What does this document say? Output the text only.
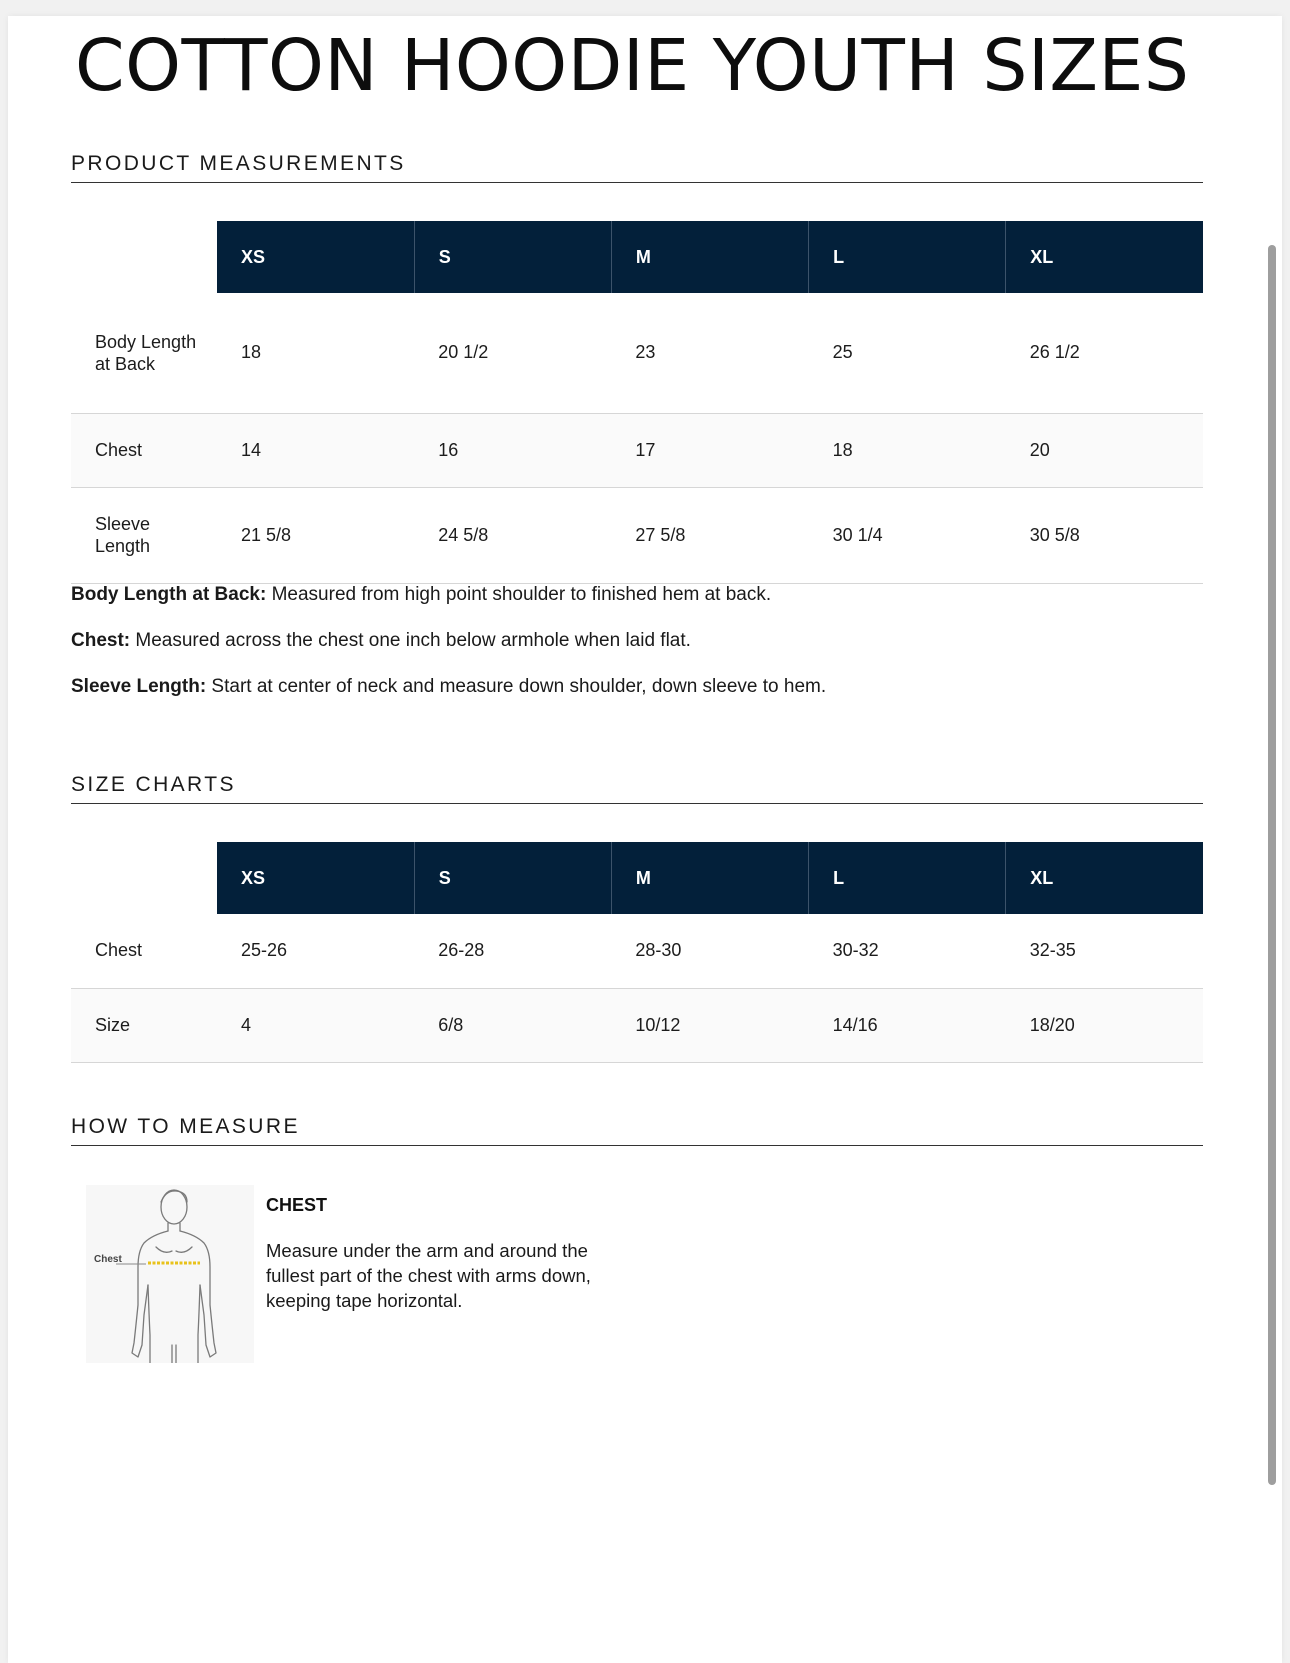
COTTON HOODIE YOUTH SIZES
PRODUCT MEASUREMENTS
	XS	S	M	L	XL
Body Length at Back	18	20 1/2	23	25	26 1/2
Chest	14	16	17	18	20
Sleeve Length	21 5/8	24 5/8	27 5/8	30 1/4	30 5/8

Body Length at Back: Measured from high point shoulder to finished hem at back.

Chest: Measured across the chest one inch below armhole when laid flat.

Sleeve Length: Start at center of neck and measure down shoulder, down sleeve to hem.

SIZE CHARTS
	XS	S	M	L	XL
Chest	25-26	26-28	28-30	30-32	32-35
Size	4	6/8	10/12	14/16	18/20
HOW TO MEASURE
Chest
CHEST

Measure under the arm and around the fullest part of the chest with arms down, keeping tape horizontal.
